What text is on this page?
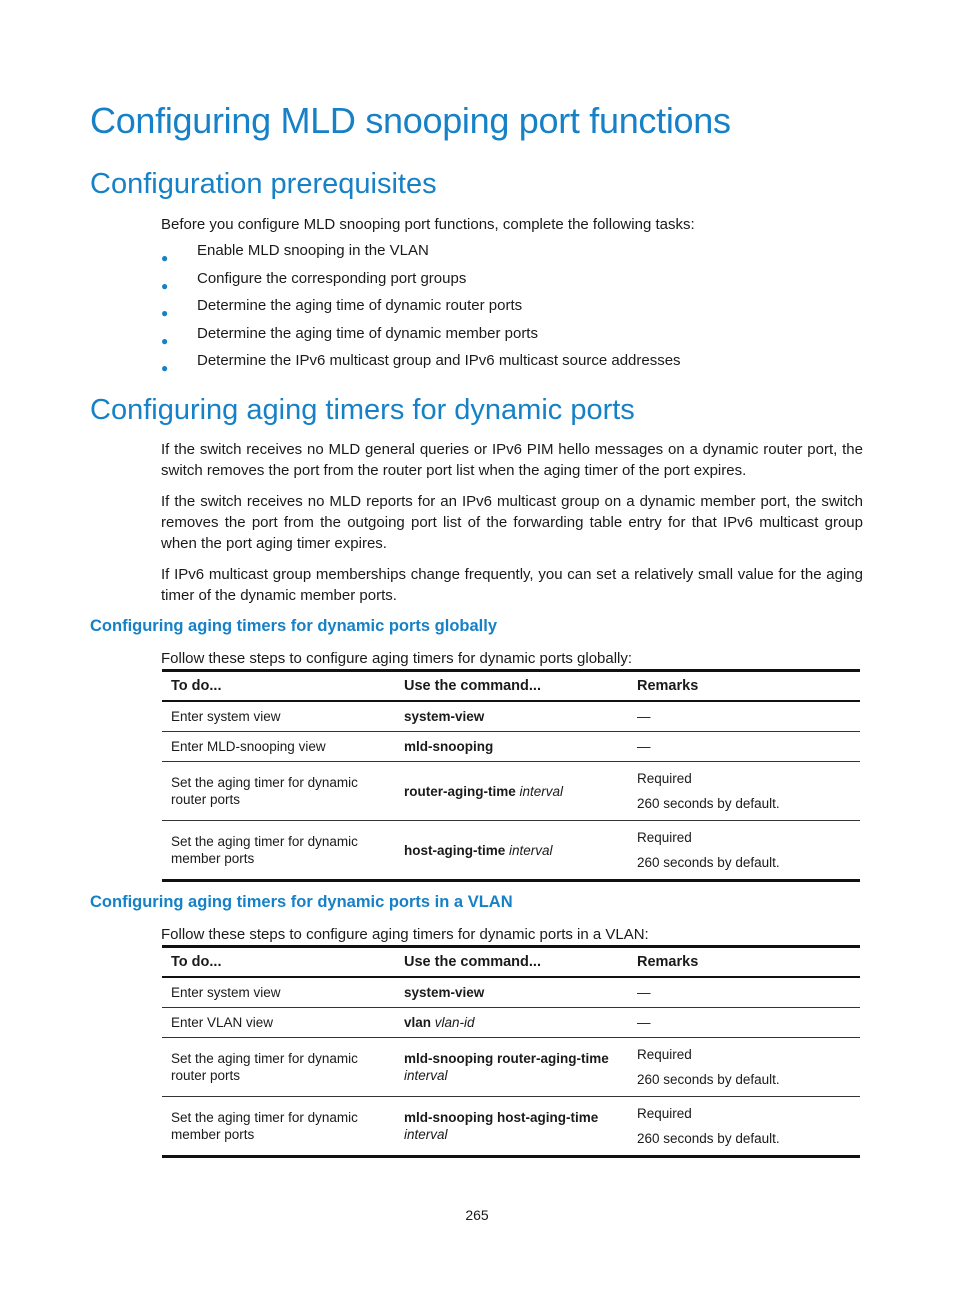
Configuring MLD snooping port functions
Configuration prerequisites

Before you configure MLD snooping port functions, complete the following tasks:

● Enable MLD snooping in the VLAN
● Configure the corresponding port groups
● Determine the aging time of dynamic router ports
● Determine the aging time of dynamic member ports
● Determine the IPv6 multicast group and IPv6 multicast source addresses
Configuring aging timers for dynamic ports

If the switch receives no MLD general queries or IPv6 PIM hello messages on a dynamic router port, the switch removes the port from the router port list when the aging timer of the port expires.

If the switch receives no MLD reports for an IPv6 multicast group on a dynamic member port, the switch removes the port from the outgoing port list of the forwarding table entry for that IPv6 multicast group when the port aging timer expires.

If IPv6 multicast group memberships change frequently, you can set a relatively small value for the aging timer of the dynamic member ports.

Configuring aging timers for dynamic ports globally

Follow these steps to configure aging timers for dynamic ports globally:

To do...	Use the command...	Remarks
Enter system view	system-view	—
Enter MLD-snooping view	mld-snooping	—
Set the aging timer for dynamic router ports	router-aging-time interval	Required
260 seconds by default.

Set the aging timer for dynamic member ports	host-aging-time interval	Required
260 seconds by default.
Configuring aging timers for dynamic ports in a VLAN

Follow these steps to configure aging timers for dynamic ports in a VLAN:

To do...	Use the command...	Remarks
Enter system view	system-view	—
Enter VLAN view	vlan vlan-id	—
Set the aging timer for dynamic router ports	mld-snooping router-aging-time
interval	Required
260 seconds by default.

Set the aging timer for dynamic member ports	mld-snooping host-aging-time
interval	Required
260 seconds by default.
265
